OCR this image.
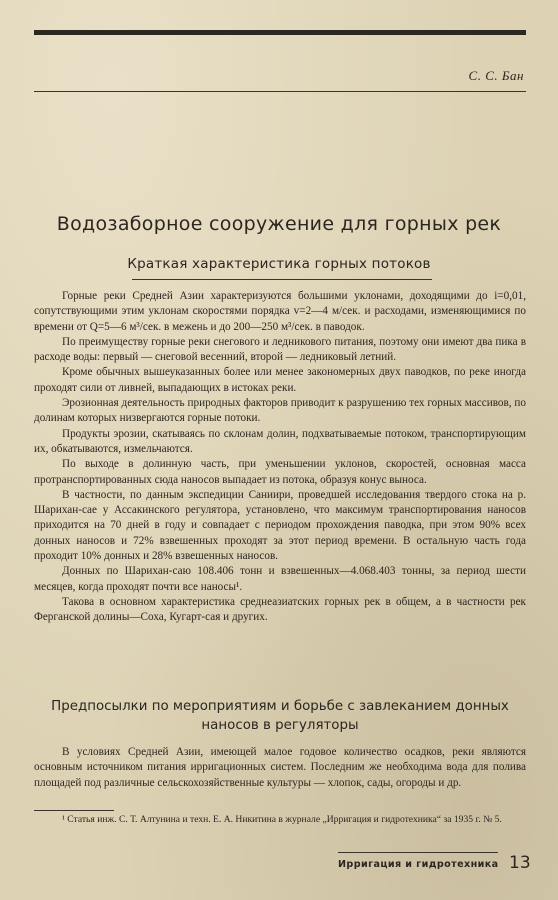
С. С. Бан
Водозаборное сооружение для горных рек
Краткая характеристика горных потоков

Горные реки Средней Азии характеризуются большими уклонами, доходящими до i=0,01, сопутствующими этим уклонам скоростями порядка v=2—4 м/сек. и расходами, изменяющимися по времени от Q=5—6 м³/сек. в межень и до 200—250 м³/сек. в паводок.

По преимуществу горные реки снегового и ледникового питания, поэтому они имеют два пика в расходе воды: первый — снеговой весенний, второй — ледниковый летний.

Кроме обычных вышеуказанных более или менее закономерных двух паводков, по реке иногда проходят сили от ливней, выпадающих в истоках реки.

Эрозионная деятельность природных факторов приводит к разрушению тех горных массивов, по долинам которых низвергаются горные потоки.

Продукты эрозии, скатываясь по склонам долин, подхватываемые потоком, транспортирующим их, обкатываются, измельчаются.

По выходе в долинную часть, при уменьшении уклонов, скоростей, основная масса протранспортированных сюда наносов выпадает из потока, образуя конус выноса.

В частности, по данным экспедиции Саниири, проведшей исследования твердого стока на р. Шарихан-сае у Ассакинского регулятора, установлено, что максимум транспортирования наносов приходится на 70 дней в году и совпадает с периодом прохождения паводка, при этом 90% всех донных наносов и 72% взвешенных проходят за этот период времени. В остальную часть года проходит 10% донных и 28% взвешенных наносов.

Донных по Шарихан-саю 108.406 тонн и взвешенных—4.068.403 тонны, за период шести месяцев, когда проходят почти все наносы¹.

Такова в основном характеристика среднеазиатских горных рек в общем, а в частности рек Ферганской долины—Соха, Кугарт-сая и других.

Предпосылки по мероприятиям и борьбе с завлеканием донных наносов в регуляторы

В условиях Средней Азии, имеющей малое годовое количество осадков, реки являются основным источником питания ирригационных систем. Последним же необходима вода для полива площадей под различные сельскохозяйственные культуры — хлопок, сады, огороды и др.

¹ Статья инж. С. Т. Алтунина и техн. Е. А. Никитина в журнале „Ирригация и гидротехника“ за 1935 г. № 5.

Ирригация и гидротехника 13
